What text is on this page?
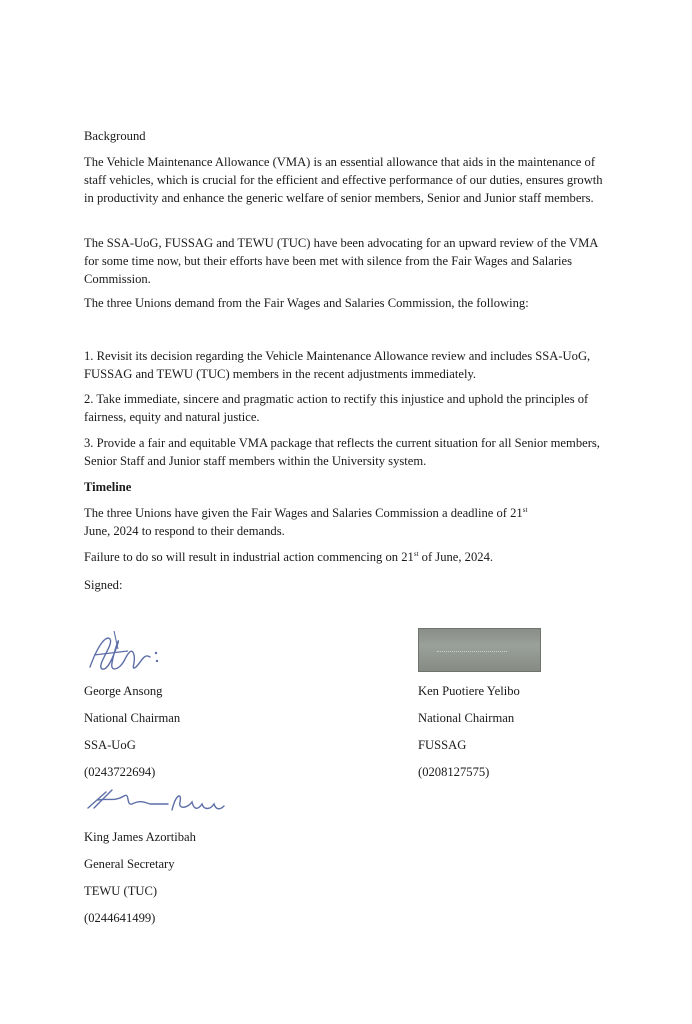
Background
The Vehicle Maintenance Allowance (VMA) is an essential allowance that aids in the maintenance of staff vehicles, which is crucial for the efficient and effective performance of our duties, ensures growth in productivity and enhance the generic welfare of senior members, Senior and Junior staff members.
The SSA-UoG, FUSSAG and TEWU (TUC) have been advocating for an upward review of the VMA for some time now, but their efforts have been met with silence from the Fair Wages and Salaries Commission.
The three Unions demand from the Fair Wages and Salaries Commission, the following:
1. Revisit its decision regarding the Vehicle Maintenance Allowance review and includes SSA-UoG, FUSSAG and TEWU (TUC) members in the recent adjustments immediately.
2. Take immediate, sincere and pragmatic action to rectify this injustice and uphold the principles of fairness, equity and natural justice.
3. Provide a fair and equitable VMA package that reflects the current situation for all Senior members, Senior Staff and Junior staff members within the University system.
Timeline
The three Unions have given the Fair Wages and Salaries Commission a deadline of 21st
June, 2024 to respond to their demands.
Failure to do so will result in industrial action commencing on 21st of June, 2024.
Signed:
George Ansong
National Chairman
SSA-UoG
(0243722694)
Ken Puotiere Yelibo
National Chairman
FUSSAG
(0208127575)
King James Azortibah
General Secretary
TEWU (TUC)
(0244641499)
